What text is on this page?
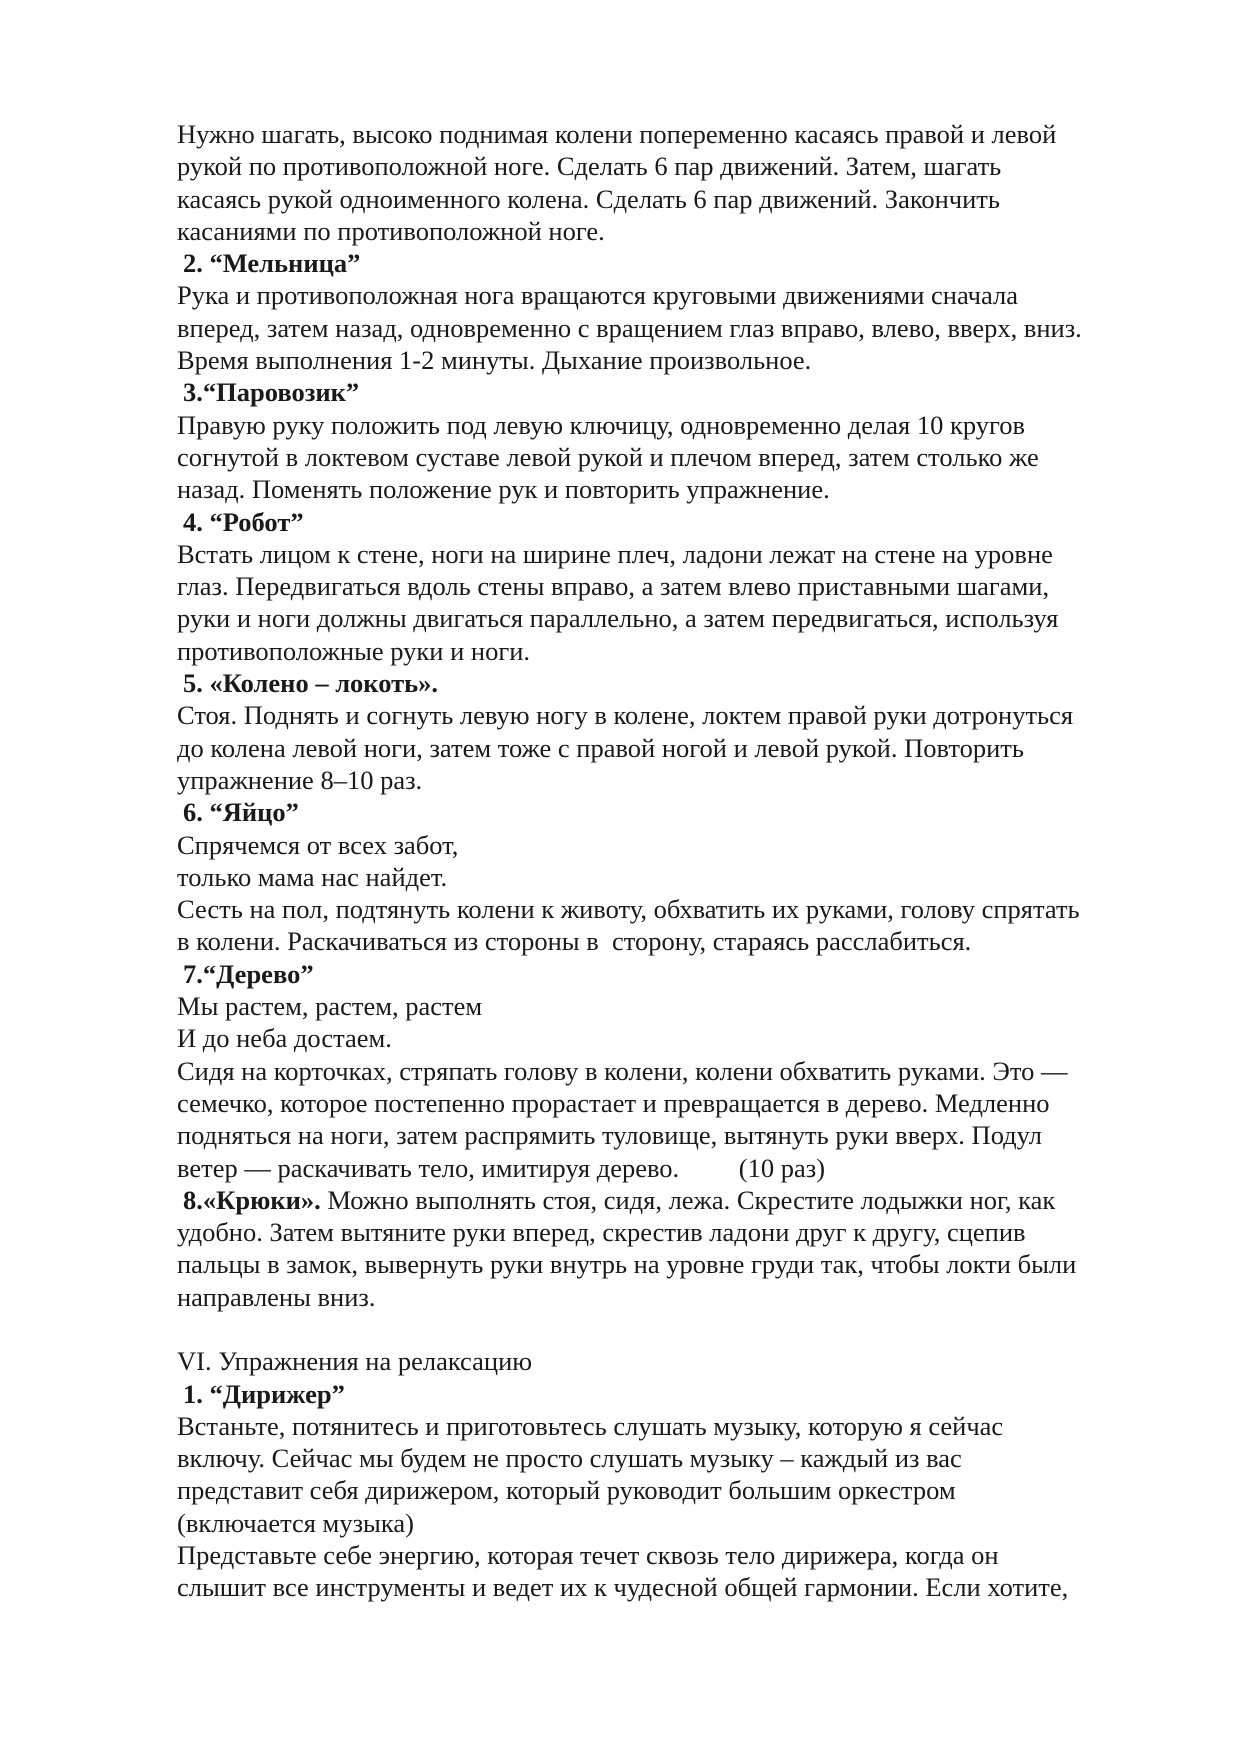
Нужно шагать, высоко поднимая колени попеременно касаясь правой и левой
рукой по противоположной ноге. Сделать 6 пар движений. Затем, шагать
касаясь рукой одноименного колена. Сделать 6 пар движений. Закончить
касаниями по противоположной ноге.
2. “Мельница”
Рука и противоположная нога вращаются круговыми движениями сначала
вперед, затем назад, одновременно с вращением глаз вправо, влево, вверх, вниз.
Время выполнения 1-2 минуты. Дыхание произвольное.
3.“Паровозик”
Правую руку положить под левую ключицу, одновременно делая 10 кругов
согнутой в локтевом суставе левой рукой и плечом вперед, затем столько же
назад. Поменять положение рук и повторить упражнение.
4. “Робот”
Встать лицом к стене, ноги на ширине плеч, ладони лежат на стене на уровне
глаз. Передвигаться вдоль стены вправо, а затем влево приставными шагами,
руки и ноги должны двигаться параллельно, а затем передвигаться, используя
противоположные руки и ноги.
5. «Колено – локоть».
Стоя. Поднять и согнуть левую ногу в колене, локтем правой руки дотронуться
до колена левой ноги, затем тоже с правой ногой и левой рукой. Повторить
упражнение 8–10 раз.
6. “Яйцо”
Спрячемся от всех забот,
только мама нас найдет.
Сесть на пол, подтянуть колени к животу, обхватить их руками, голову спрятать
в колени. Раскачиваться из стороны в  сторону, стараясь расслабиться.
7.“Дерево”
Мы растем, растем, растем
И до неба достаем.
Сидя на корточках, стряпать голову в колени, колени обхватить руками. Это —
семечко, которое постепенно прорастает и превращается в дерево. Медленно
подняться на ноги, затем распрямить туловище, вытянуть руки вверх. Подул
ветер — раскачивать тело, имитируя дерево.         (10 раз)
8.«Крюки». Можно выполнять стоя, сидя, лежа. Скрестите лодыжки ног, как
удобно. Затем вытяните руки вперед, скрестив ладони друг к другу, сцепив
пальцы в замок, вывернуть руки внутрь на уровне груди так, чтобы локти были
направлены вниз.
VI. Упражнения на релаксацию
1. “Дирижер”
Встаньте, потянитесь и приготовьтесь слушать музыку, которую я сейчас
включу. Сейчас мы будем не просто слушать музыку – каждый из вас
представит себя дирижером, который руководит большим оркестром
(включается музыка)
Представьте себе энергию, которая течет сквозь тело дирижера, когда он
слышит все инструменты и ведет их к чудесной общей гармонии. Если хотите,
